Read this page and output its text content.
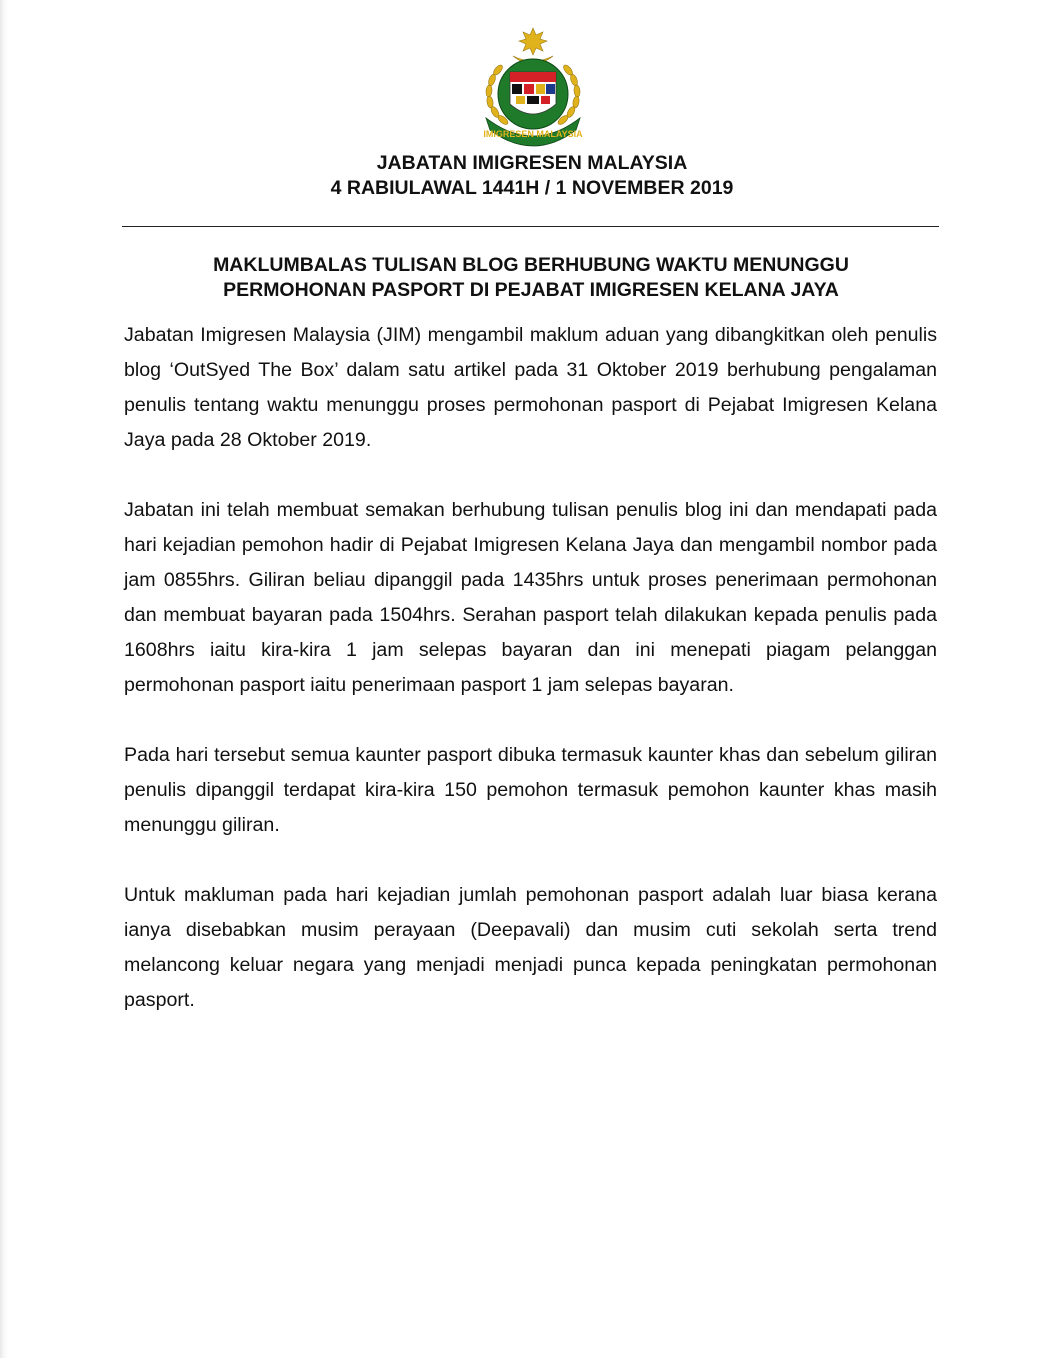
IMIGRESEN MALAYSIA
JABATAN IMIGRESEN MALAYSIA
4 RABIULAWAL 1441H / 1 NOVEMBER 2019
MAKLUMBALAS TULISAN BLOG BERHUBUNG WAKTU MENUNGGU
PERMOHONAN PASPORT DI PEJABAT IMIGRESEN KELANA JAYA

Jabatan Imigresen Malaysia (JIM) mengambil maklum aduan yang dibangkitkan oleh penulis blog ‘OutSyed The Box’ dalam satu artikel pada 31 Oktober 2019 berhubung pengalaman penulis tentang waktu menunggu proses permohonan pasport di Pejabat Imigresen Kelana Jaya pada 28 Oktober 2019.

Jabatan ini telah membuat semakan berhubung tulisan penulis blog ini dan mendapati pada hari kejadian pemohon hadir di Pejabat Imigresen Kelana Jaya dan mengambil nombor pada jam 0855hrs. Giliran beliau dipanggil pada 1435hrs untuk proses penerimaan permohonan dan membuat bayaran pada 1504hrs. Serahan pasport telah dilakukan kepada penulis pada 1608hrs iaitu kira-kira 1 jam selepas bayaran dan ini menepati piagam pelanggan permohonan pasport iaitu penerimaan pasport 1 jam selepas bayaran.

Pada hari tersebut semua kaunter pasport dibuka termasuk kaunter khas dan sebelum giliran penulis dipanggil terdapat kira-kira 150 pemohon termasuk pemohon kaunter khas masih menunggu giliran.

Untuk makluman pada hari kejadian jumlah pemohonan pasport adalah luar biasa kerana ianya disebabkan musim perayaan (Deepavali) dan musim cuti sekolah serta trend melancong keluar negara yang menjadi menjadi punca kepada peningkatan permohonan pasport.
